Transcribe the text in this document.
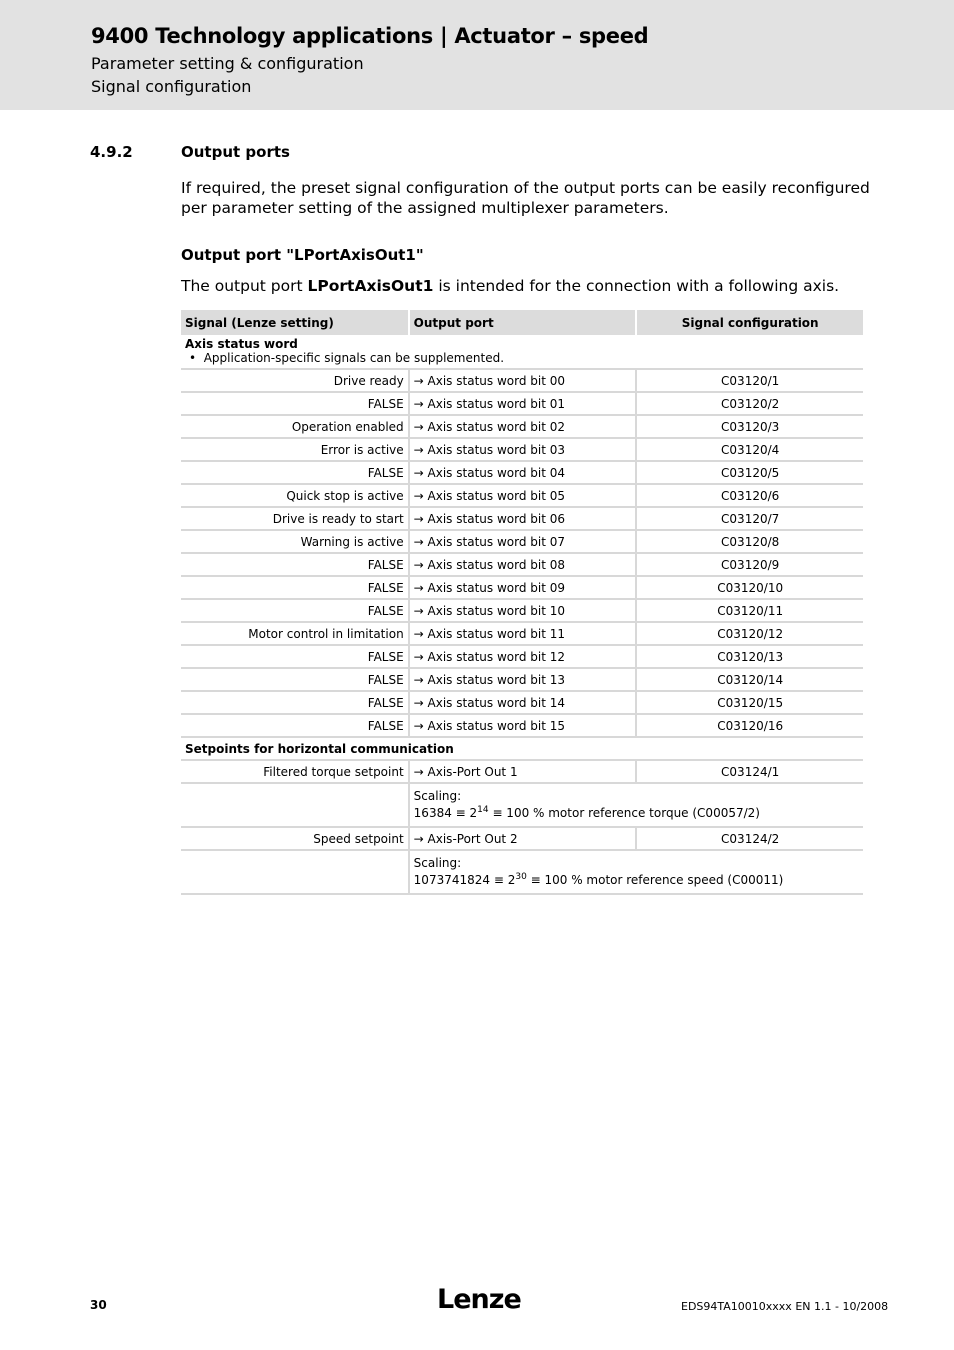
9400 Technology applications | Actuator – speed
Parameter setting & configuration
Signal configuration
4.9.2	Output ports
If required, the preset signal configuration of the output ports can be easily reconfigured per parameter setting of the assigned multiplexer parameters.
Output port "LPortAxisOut1"
The output port LPortAxisOut1 is intended for the connection with a following axis.
Signal (Lenze setting)	Output port	Signal configuration

Axis status word
•  Application-specific signals can be supplemented.		

Drive ready	→ Axis status word bit 00	C03120/1
FALSE	→ Axis status word bit 01	C03120/2
Operation enabled	→ Axis status word bit 02	C03120/3
Error is active	→ Axis status word bit 03	C03120/4
FALSE	→ Axis status word bit 04	C03120/5
Quick stop is active	→ Axis status word bit 05	C03120/6
Drive is ready to start	→ Axis status word bit 06	C03120/7
Warning is active	→ Axis status word bit 07	C03120/8
FALSE	→ Axis status word bit 08	C03120/9
FALSE	→ Axis status word bit 09	C03120/10
FALSE	→ Axis status word bit 10	C03120/11
Motor control in limitation	→ Axis status word bit 11	C03120/12
FALSE	→ Axis status word bit 12	C03120/13
FALSE	→ Axis status word bit 13	C03120/14
FALSE	→ Axis status word bit 14	C03120/15
FALSE	→ Axis status word bit 15	C03120/16
Setpoints for horizontal communication		
Filtered torque setpoint	→ Axis-Port Out 1	C03124/1

	Scaling:
$16384 \equiv 2^{14} \equiv 100$ % motor reference torque (C00057/2)	

Speed setpoint	→ Axis-Port Out 2	C03124/2

	Scaling:
$1073741824 \equiv 2^{30} \equiv 100$ % motor reference speed (C00011)	
30	Lenze	EDS94TA10010xxxx EN 1.1 - 10/2008
